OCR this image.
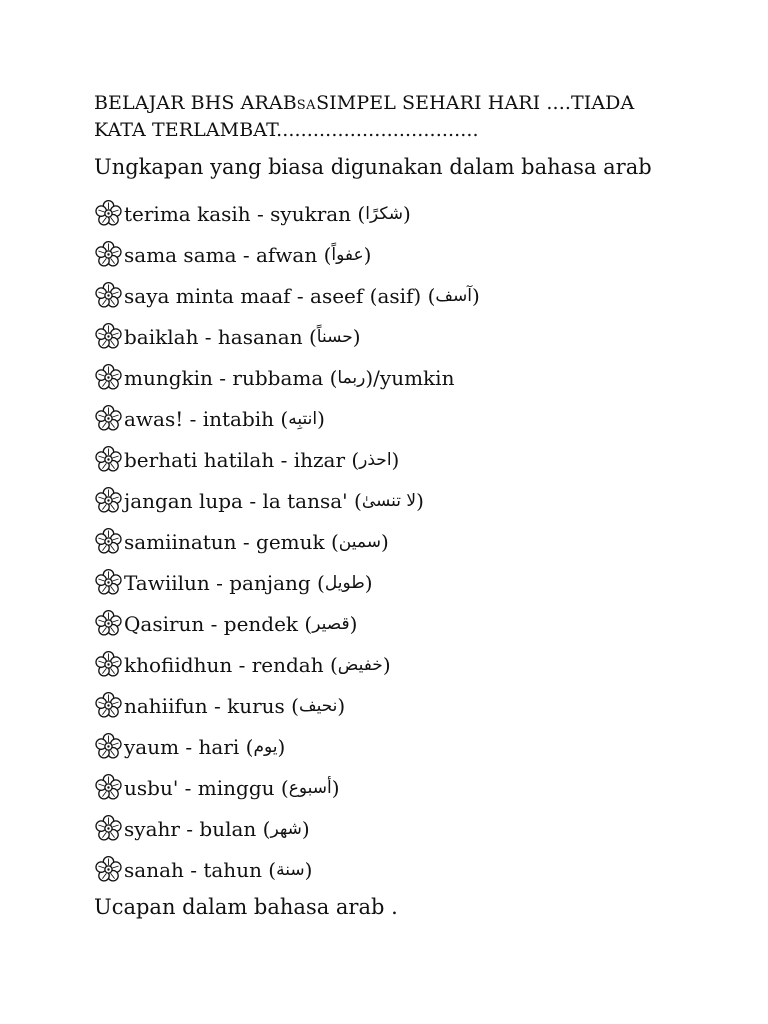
BELAJAR BHS ARABSASIMPEL SEHARI HARI ....TIADA
KATA TERLAMBAT.................................
Ungkapan yang biasa digunakan dalam bahasa arab
terima kasih - syukran ( شكرًا )
sama sama - afwan ( عفواً )
saya minta maaf - aseef (asif) ( آسف )
baiklah - hasanan ( حسناً )
mungkin - rubbama ( ربما )/yumkin
awas! - intabih ( انتبِه )
berhati hatilah - ihzar ( احذر )
jangan lupa - la tansa' ( لا تنسىٰ )
samiinatun - gemuk ( سمين )
Tawiilun - panjang ( طويل )
Qasirun - pendek ( قصير )
khofiidhun - rendah ( خفيض )
nahiifun - kurus ( نحيف )
yaum - hari ( يوم )
usbu' - minggu ( أسبوع )
syahr - bulan ( شهر )
sanah - tahun ( سنة )
Ucapan dalam bahasa arab .
